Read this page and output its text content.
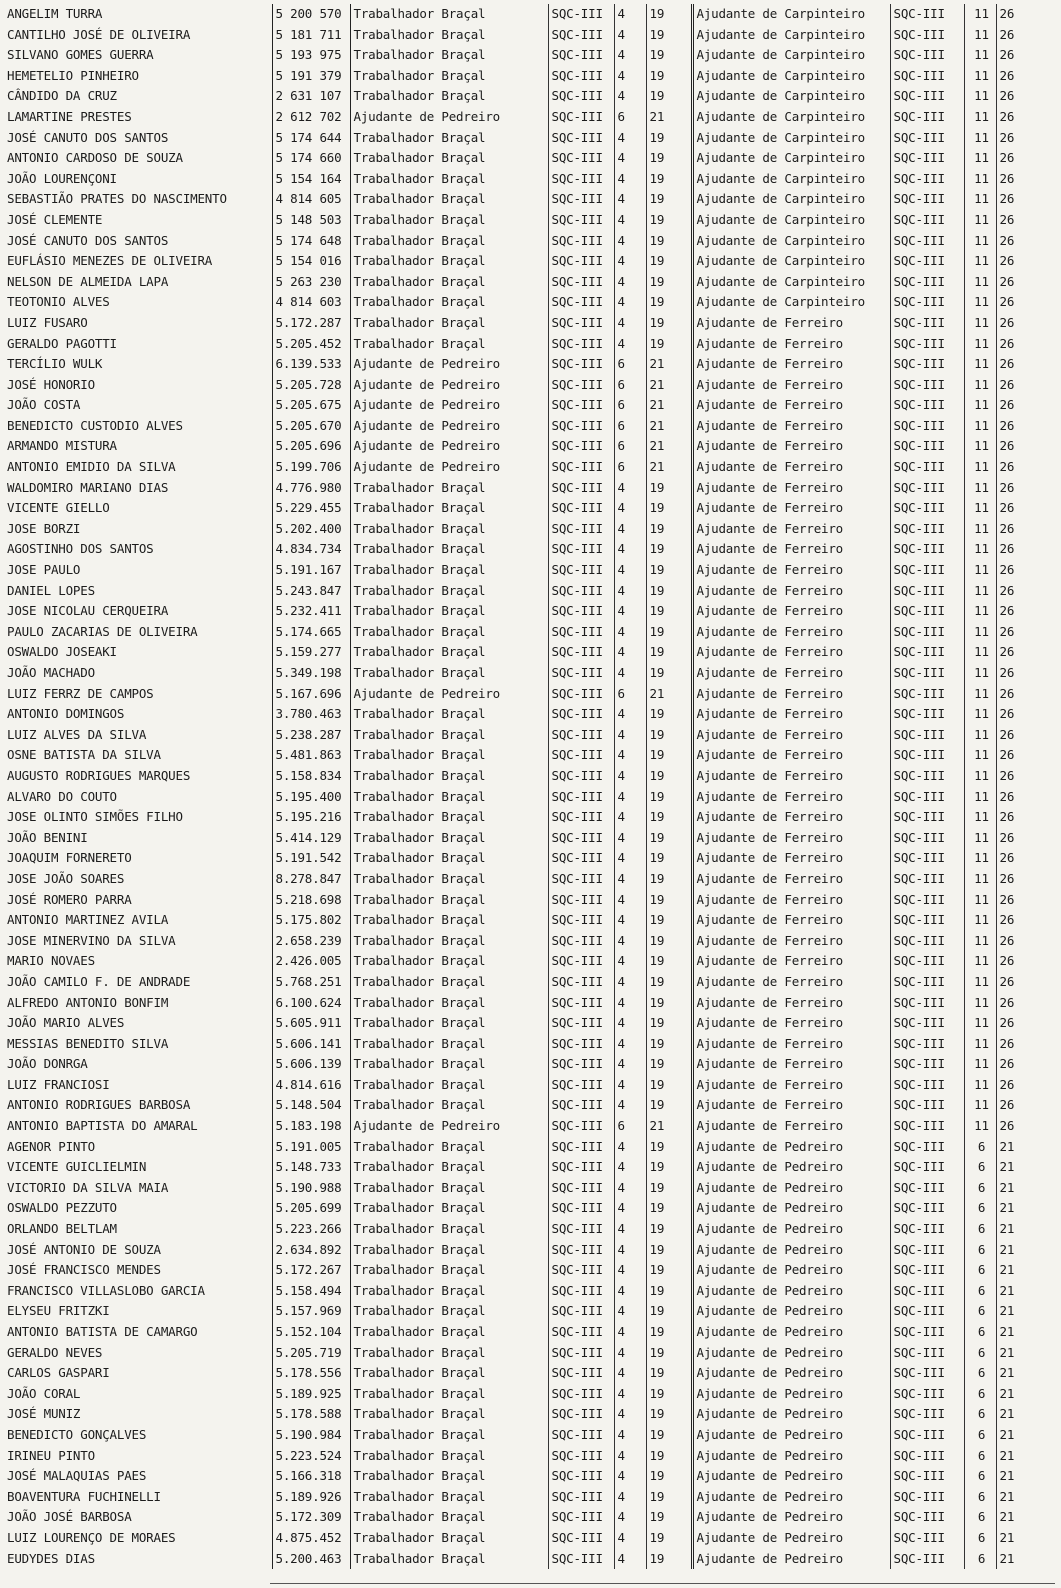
ANGELIM TURRA	5 200 570	Trabalhador Braçal	SQC-III	4	19	Ajudante de Carpinteiro	SQC-III	11	26
CANTILHO JOSÉ DE OLIVEIRA	5 181 711	Trabalhador Braçal	SQC-III	4	19	Ajudante de Carpinteiro	SQC-III	11	26
SILVANO GOMES GUERRA	5 193 975	Trabalhador Braçal	SQC-III	4	19	Ajudante de Carpinteiro	SQC-III	11	26
HEMETELIO PINHEIRO	5 191 379	Trabalhador Braçal	SQC-III	4	19	Ajudante de Carpinteiro	SQC-III	11	26
CÂNDIDO DA CRUZ	2 631 107	Trabalhador Braçal	SQC-III	4	19	Ajudante de Carpinteiro	SQC-III	11	26
LAMARTINE PRESTES	2 612 702	Ajudante de Pedreiro	SQC-III	6	21	Ajudante de Carpinteiro	SQC-III	11	26
JOSÉ CANUTO DOS SANTOS	5 174 644	Trabalhador Braçal	SQC-III	4	19	Ajudante de Carpinteiro	SQC-III	11	26
ANTONIO CARDOSO DE SOUZA	5 174 660	Trabalhador Braçal	SQC-III	4	19	Ajudante de Carpinteiro	SQC-III	11	26
JOÃO LOURENÇONI	5 154 164	Trabalhador Braçal	SQC-III	4	19	Ajudante de Carpinteiro	SQC-III	11	26
SEBASTIÃO PRATES DO NASCIMENTO	4 814 605	Trabalhador Braçal	SQC-III	4	19	Ajudante de Carpinteiro	SQC-III	11	26
JOSÉ CLEMENTE	5 148 503	Trabalhador Braçal	SQC-III	4	19	Ajudante de Carpinteiro	SQC-III	11	26
JOSÉ CANUTO DOS SANTOS	5 174 648	Trabalhador Braçal	SQC-III	4	19	Ajudante de Carpinteiro	SQC-III	11	26
EUFLÁSIO MENEZES DE OLIVEIRA	5 154 016	Trabalhador Braçal	SQC-III	4	19	Ajudante de Carpinteiro	SQC-III	11	26
NELSON DE ALMEIDA LAPA	5 263 230	Trabalhador Braçal	SQC-III	4	19	Ajudante de Carpinteiro	SQC-III	11	26
TEOTONIO ALVES	4 814 603	Trabalhador Braçal	SQC-III	4	19	Ajudante de Carpinteiro	SQC-III	11	26
LUIZ FUSARO	5.172.287	Trabalhador Braçal	SQC-III	4	19	Ajudante de Ferreiro	SQC-III	11	26
GERALDO PAGOTTI	5.205.452	Trabalhador Braçal	SQC-III	4	19	Ajudante de Ferreiro	SQC-III	11	26
TERCÍLIO WULK	6.139.533	Ajudante de Pedreiro	SQC-III	6	21	Ajudante de Ferreiro	SQC-III	11	26
JOSÉ HONORIO	5.205.728	Ajudante de Pedreiro	SQC-III	6	21	Ajudante de Ferreiro	SQC-III	11	26
JOÃO COSTA	5.205.675	Ajudante de Pedreiro	SQC-III	6	21	Ajudante de Ferreiro	SQC-III	11	26
BENEDICTO CUSTODIO ALVES	5.205.670	Ajudante de Pedreiro	SQC-III	6	21	Ajudante de Ferreiro	SQC-III	11	26
ARMANDO MISTURA	5.205.696	Ajudante de Pedreiro	SQC-III	6	21	Ajudante de Ferreiro	SQC-III	11	26
ANTONIO EMIDIO DA SILVA	5.199.706	Ajudante de Pedreiro	SQC-III	6	21	Ajudante de Ferreiro	SQC-III	11	26
WALDOMIRO MARIANO DIAS	4.776.980	Trabalhador Braçal	SQC-III	4	19	Ajudante de Ferreiro	SQC-III	11	26
VICENTE GIELLO	5.229.455	Trabalhador Braçal	SQC-III	4	19	Ajudante de Ferreiro	SQC-III	11	26
JOSE BORZI	5.202.400	Trabalhador Braçal	SQC-III	4	19	Ajudante de Ferreiro	SQC-III	11	26
AGOSTINHO DOS SANTOS	4.834.734	Trabalhador Braçal	SQC-III	4	19	Ajudante de Ferreiro	SQC-III	11	26
JOSE PAULO	5.191.167	Trabalhador Braçal	SQC-III	4	19	Ajudante de Ferreiro	SQC-III	11	26
DANIEL LOPES	5.243.847	Trabalhador Braçal	SQC-III	4	19	Ajudante de Ferreiro	SQC-III	11	26
JOSE NICOLAU CERQUEIRA	5.232.411	Trabalhador Braçal	SQC-III	4	19	Ajudante de Ferreiro	SQC-III	11	26
PAULO ZACARIAS DE OLIVEIRA	5.174.665	Trabalhador Braçal	SQC-III	4	19	Ajudante de Ferreiro	SQC-III	11	26
OSWALDO JOSEAKI	5.159.277	Trabalhador Braçal	SQC-III	4	19	Ajudante de Ferreiro	SQC-III	11	26
JOÃO MACHADO	5.349.198	Trabalhador Braçal	SQC-III	4	19	Ajudante de Ferreiro	SQC-III	11	26
LUIZ FERRZ DE CAMPOS	5.167.696	Ajudante de Pedreiro	SQC-III	6	21	Ajudante de Ferreiro	SQC-III	11	26
ANTONIO DOMINGOS	3.780.463	Trabalhador Braçal	SQC-III	4	19	Ajudante de Ferreiro	SQC-III	11	26
LUIZ ALVES DA SILVA	5.238.287	Trabalhador Braçal	SQC-III	4	19	Ajudante de Ferreiro	SQC-III	11	26
OSNE BATISTA DA SILVA	5.481.863	Trabalhador Braçal	SQC-III	4	19	Ajudante de Ferreiro	SQC-III	11	26
AUGUSTO RODRIGUES MARQUES	5.158.834	Trabalhador Braçal	SQC-III	4	19	Ajudante de Ferreiro	SQC-III	11	26
ALVARO DO COUTO	5.195.400	Trabalhador Braçal	SQC-III	4	19	Ajudante de Ferreiro	SQC-III	11	26
JOSE OLINTO SIMÕES FILHO	5.195.216	Trabalhador Braçal	SQC-III	4	19	Ajudante de Ferreiro	SQC-III	11	26
JOÃO BENINI	5.414.129	Trabalhador Braçal	SQC-III	4	19	Ajudante de Ferreiro	SQC-III	11	26
JOAQUIM FORNERETO	5.191.542	Trabalhador Braçal	SQC-III	4	19	Ajudante de Ferreiro	SQC-III	11	26
JOSE JOÃO SOARES	8.278.847	Trabalhador Braçal	SQC-III	4	19	Ajudante de Ferreiro	SQC-III	11	26
JOSÉ ROMERO PARRA	5.218.698	Trabalhador Braçal	SQC-III	4	19	Ajudante de Ferreiro	SQC-III	11	26
ANTONIO MARTINEZ AVILA	5.175.802	Trabalhador Braçal	SQC-III	4	19	Ajudante de Ferreiro	SQC-III	11	26
JOSE MINERVINO DA SILVA	2.658.239	Trabalhador Braçal	SQC-III	4	19	Ajudante de Ferreiro	SQC-III	11	26
MARIO NOVAES	2.426.005	Trabalhador Braçal	SQC-III	4	19	Ajudante de Ferreiro	SQC-III	11	26
JOÃO CAMILO F. DE ANDRADE	5.768.251	Trabalhador Braçal	SQC-III	4	19	Ajudante de Ferreiro	SQC-III	11	26
ALFREDO ANTONIO BONFIM	6.100.624	Trabalhador Braçal	SQC-III	4	19	Ajudante de Ferreiro	SQC-III	11	26
JOÃO MARIO ALVES	5.605.911	Trabalhador Braçal	SQC-III	4	19	Ajudante de Ferreiro	SQC-III	11	26
MESSIAS BENEDITO SILVA	5.606.141	Trabalhador Braçal	SQC-III	4	19	Ajudante de Ferreiro	SQC-III	11	26
JOÃO DONRGA	5.606.139	Trabalhador Braçal	SQC-III	4	19	Ajudante de Ferreiro	SQC-III	11	26
LUIZ FRANCIOSI	4.814.616	Trabalhador Braçal	SQC-III	4	19	Ajudante de Ferreiro	SQC-III	11	26
ANTONIO RODRIGUES BARBOSA	5.148.504	Trabalhador Braçal	SQC-III	4	19	Ajudante de Ferreiro	SQC-III	11	26
ANTONIO BAPTISTA DO AMARAL	5.183.198	Ajudante de Pedreiro	SQC-III	6	21	Ajudante de Ferreiro	SQC-III	11	26
AGENOR PINTO	5.191.005	Trabalhador Braçal	SQC-III	4	19	Ajudante de Pedreiro	SQC-III	6	21
VICENTE GUICLIELMIN	5.148.733	Trabalhador Braçal	SQC-III	4	19	Ajudante de Pedreiro	SQC-III	6	21
VICTORIO DA SILVA MAIA	5.190.988	Trabalhador Braçal	SQC-III	4	19	Ajudante de Pedreiro	SQC-III	6	21
OSWALDO PEZZUTO	5.205.699	Trabalhador Braçal	SQC-III	4	19	Ajudante de Pedreiro	SQC-III	6	21
ORLANDO BELTLAM	5.223.266	Trabalhador Braçal	SQC-III	4	19	Ajudante de Pedreiro	SQC-III	6	21
JOSÉ ANTONIO DE SOUZA	2.634.892	Trabalhador Braçal	SQC-III	4	19	Ajudante de Pedreiro	SQC-III	6	21
JOSÉ FRANCISCO MENDES	5.172.267	Trabalhador Braçal	SQC-III	4	19	Ajudante de Pedreiro	SQC-III	6	21
FRANCISCO VILLASLOBO GARCIA	5.158.494	Trabalhador Braçal	SQC-III	4	19	Ajudante de Pedreiro	SQC-III	6	21
ELYSEU FRITZKI	5.157.969	Trabalhador Braçal	SQC-III	4	19	Ajudante de Pedreiro	SQC-III	6	21
ANTONIO BATISTA DE CAMARGO	5.152.104	Trabalhador Braçal	SQC-III	4	19	Ajudante de Pedreiro	SQC-III	6	21
GERALDO NEVES	5.205.719	Trabalhador Braçal	SQC-III	4	19	Ajudante de Pedreiro	SQC-III	6	21
CARLOS GASPARI	5.178.556	Trabalhador Braçal	SQC-III	4	19	Ajudante de Pedreiro	SQC-III	6	21
JOÃO CORAL	5.189.925	Trabalhador Braçal	SQC-III	4	19	Ajudante de Pedreiro	SQC-III	6	21
JOSÉ MUNIZ	5.178.588	Trabalhador Braçal	SQC-III	4	19	Ajudante de Pedreiro	SQC-III	6	21
BENEDICTO GONÇALVES	5.190.984	Trabalhador Braçal	SQC-III	4	19	Ajudante de Pedreiro	SQC-III	6	21
IRINEU PINTO	5.223.524	Trabalhador Braçal	SQC-III	4	19	Ajudante de Pedreiro	SQC-III	6	21
JOSÉ MALAQUIAS PAES	5.166.318	Trabalhador Braçal	SQC-III	4	19	Ajudante de Pedreiro	SQC-III	6	21
BOAVENTURA FUCHINELLI	5.189.926	Trabalhador Braçal	SQC-III	4	19	Ajudante de Pedreiro	SQC-III	6	21
JOÃO JOSÉ BARBOSA	5.172.309	Trabalhador Braçal	SQC-III	4	19	Ajudante de Pedreiro	SQC-III	6	21
LUIZ LOURENÇO DE MORAES	4.875.452	Trabalhador Braçal	SQC-III	4	19	Ajudante de Pedreiro	SQC-III	6	21
EUDYDES DIAS	5.200.463	Trabalhador Braçal	SQC-III	4	19	Ajudante de Pedreiro	SQC-III	6	21
